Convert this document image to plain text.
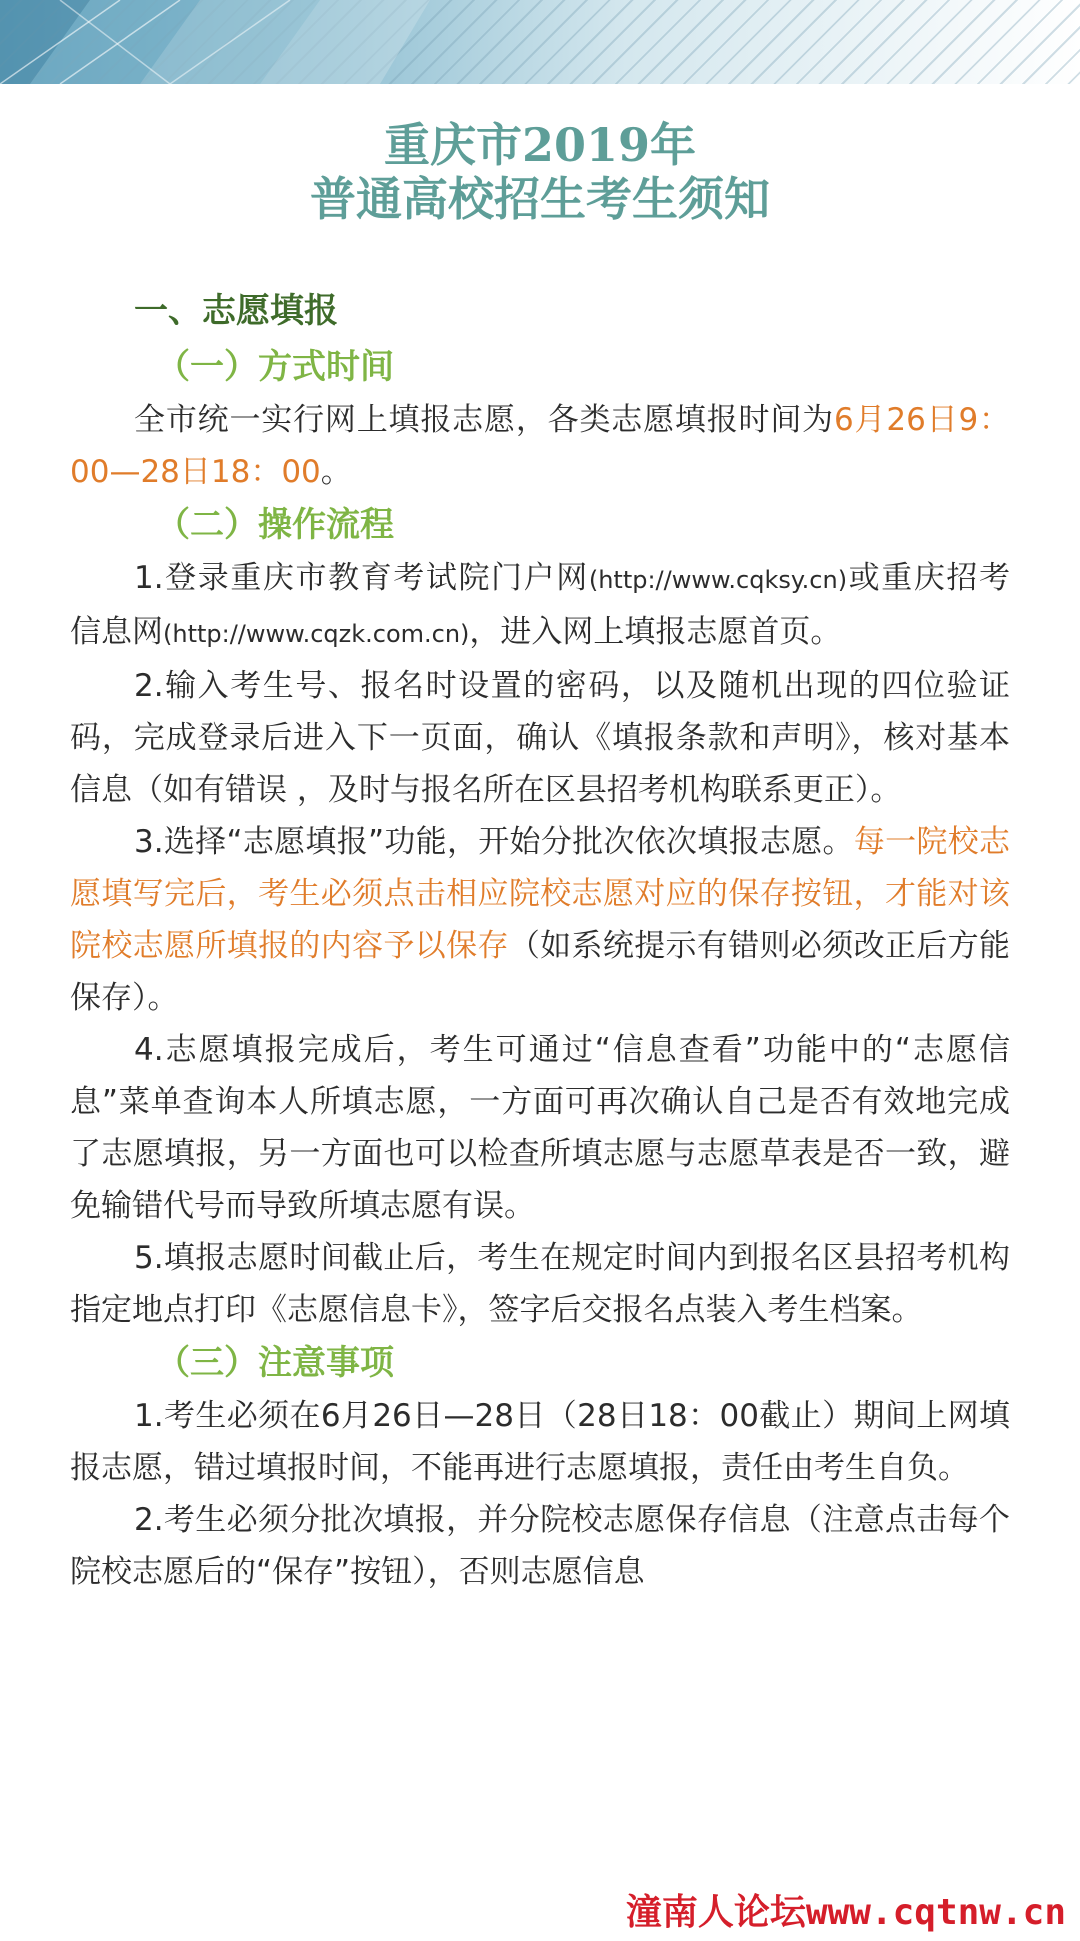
重庆市2019年
普通高校招生考生须知
一、志愿填报
（一）方式时间

全市统一实行网上填报志愿，各类志愿填报时间为6月26日9：00—28日18：00。

（二）操作流程

1.登录重庆市教育考试院门户网(http://www.cqksy.cn)或重庆招考信息网(http://www.cqzk.com.cn)，进入网上填报志愿首页。

2.输入考生号、报名时设置的密码，以及随机出现的四位验证码，完成登录后进入下一页面，确认《填报条款和声明》，核对基本信息（如有错误 ，及时与报名所在区县招考机构联系更正）。

3.选择“志愿填报”功能，开始分批次依次填报志愿。每一院校志愿填写完后，考生必须点击相应院校志愿对应的保存按钮，才能对该院校志愿所填报的内容予以保存（如系统提示有错则必须改正后方能保存）。

4.志愿填报完成后，考生可通过“信息查看”功能中的“志愿信息”菜单查询本人所填志愿，一方面可再次确认自己是否有效地完成了志愿填报，另一方面也可以检查所填志愿与志愿草表是否一致，避免输错代号而导致所填志愿有误。

5.填报志愿时间截止后，考生在规定时间内到报名区县招考机构指定地点打印《志愿信息卡》，签字后交报名点装入考生档案。

（三）注意事项

1.考生必须在6月26日—28日（28日18：00截止）期间上网填报志愿，错过填报时间，不能再进行志愿填报，责任由考生自负。

2.考生必须分批次填报，并分院校志愿保存信息（注意点击每个院校志愿后的“保存”按钮），否则志愿信息

潼南人论坛www.cqtnw.cn
